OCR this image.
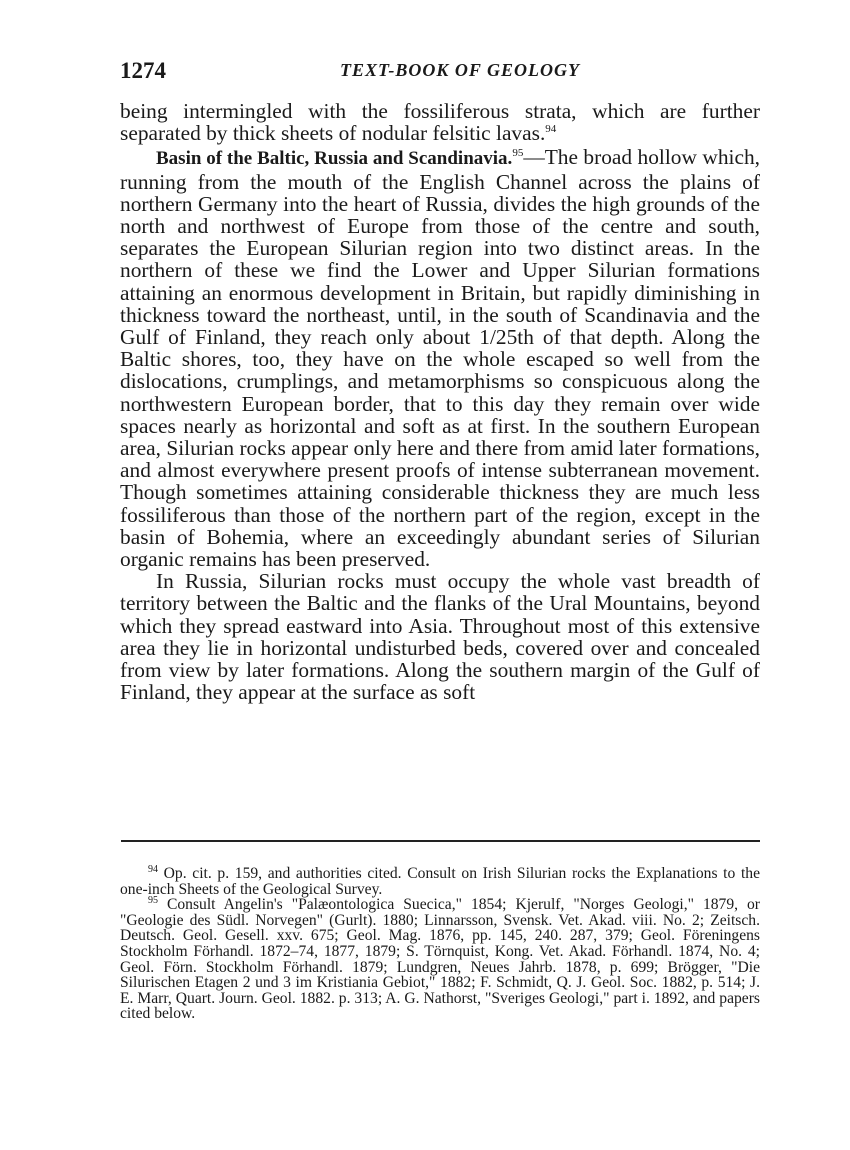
1274	TEXT-BOOK OF GEOLOGY

being intermingled with the fossiliferous strata, which are further separated by thick sheets of nodular felsitic lavas.$^{94}$

Basin of the Baltic, Russia and Scandinavia.$^{95}$—The broad hollow which, running from the mouth of the English Channel across the plains of northern Germany into the heart of Russia, divides the high grounds of the north and northwest of Europe from those of the centre and south, separates the European Silurian region into two distinct areas. In the northern of these we find the Lower and Upper Silurian formations attaining an enormous development in Britain, but rapidly diminishing in thickness toward the northeast, until, in the south of Scandinavia and the Gulf of Finland, they reach only about 1/25th of that depth. Along the Baltic shores, too, they have on the whole escaped so well from the dislocations, crumplings, and metamorphisms so conspicuous along the northwestern European border, that to this day they remain over wide spaces nearly as horizontal and soft as at first. In the southern European area, Silurian rocks appear only here and there from amid later formations, and almost everywhere present proofs of intense subterranean movement. Though sometimes attaining considerable thickness they are much less fossiliferous than those of the northern part of the region, except in the basin of Bohemia, where an exceedingly abundant series of Silurian organic remains has been preserved.

In Russia, Silurian rocks must occupy the whole vast breadth of territory between the Baltic and the flanks of the Ural Mountains, beyond which they spread eastward into Asia. Throughout most of this extensive area they lie in horizontal undisturbed beds, covered over and concealed from view by later formations. Along the southern margin of the Gulf of Finland, they appear at the surface as soft

$^{94}$ Op. cit. p. 159, and authorities cited. Consult on Irish Silurian rocks the Explanations to the one-inch Sheets of the Geological Survey.

$^{95}$ Consult Angelin's "Palæontologica Suecica," 1854; Kjerulf, "Norges Geologi," 1879, or "Geologie des Südl. Norvegen" (Gurlt). 1880; Linnarsson, Svensk. Vet. Akad. viii. No. 2; Zeitsch. Deutsch. Geol. Gesell. xxv. 675; Geol. Mag. 1876, pp. 145, 240. 287, 379; Geol. Föreningens Stockholm Förhandl. 1872–74, 1877, 1879; S. Törnquist, Kong. Vet. Akad. Förhandl. 1874, No. 4; Geol. Förn. Stockholm Förhandl. 1879; Lundgren, Neues Jahrb. 1878, p. 699; Brögger, "Die Silurischen Etagen 2 und 3 im Kristiania Gebiot," 1882; F. Schmidt, Q. J. Geol. Soc. 1882, p. 514; J. E. Marr, Quart. Journ. Geol. 1882. p. 313; A. G. Nathorst, "Sveriges Geologi," part i. 1892, and papers cited below.
